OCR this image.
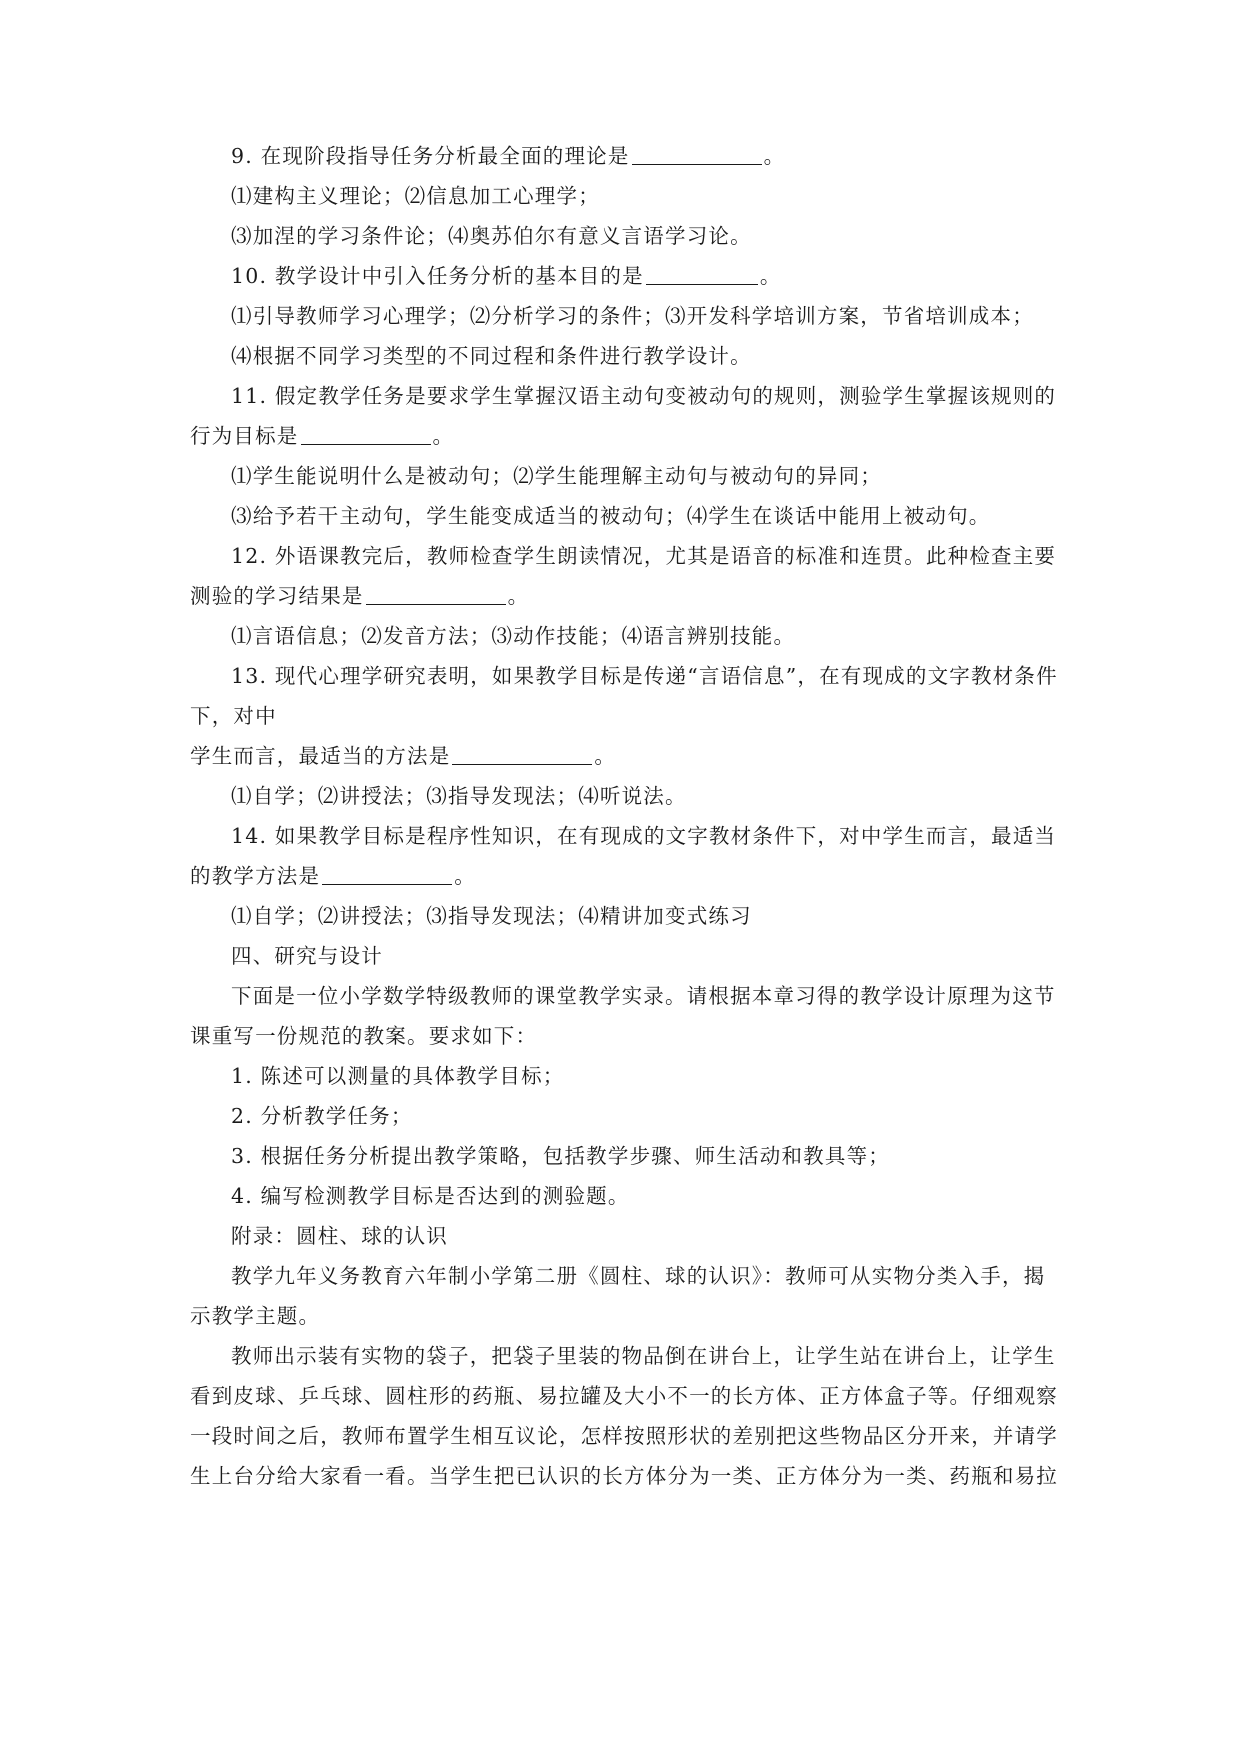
9. 在现阶段指导任务分析最全面的理论是	。
⑴建构主义理论；⑵信息加工心理学；
⑶加涅的学习条件论；⑷奥苏伯尔有意义言语学习论。
10. 教学设计中引入任务分析的基本目的是	。
⑴引导教师学习心理学；⑵分析学习的条件；⑶开发科学培训方案，节省培训成本；
⑷根据不同学习类型的不同过程和条件进行教学设计。
11. 假定教学任务是要求学生掌握汉语主动句变被动句的规则，测验学生掌握该规则的
行为目标是	。
⑴学生能说明什么是被动句；⑵学生能理解主动句与被动句的异同；
⑶给予若干主动句，学生能变成适当的被动句；⑷学生在谈话中能用上被动句。
12. 外语课教完后，教师检查学生朗读情况，尤其是语音的标准和连贯。此种检查主要
测验的学习结果是	。
⑴言语信息；⑵发音方法；⑶动作技能；⑷语言辨别技能。
13. 现代心理学研究表明，如果教学目标是传递“言语信息”，在有现成的文字教材条件
下，对中
学生而言，最适当的方法是	。
⑴自学；⑵讲授法；⑶指导发现法；⑷听说法。
14. 如果教学目标是程序性知识，在有现成的文字教材条件下，对中学生而言，最适当
的教学方法是	。
⑴自学；⑵讲授法；⑶指导发现法；⑷精讲加变式练习
四、研究与设计
下面是一位小学数学特级教师的课堂教学实录。请根据本章习得的教学设计原理为这节
课重写一份规范的教案。要求如下：
1. 陈述可以测量的具体教学目标；
2. 分析教学任务；
3. 根据任务分析提出教学策略，包括教学步骤、师生活动和教具等；
4. 编写检测教学目标是否达到的测验题。
附录：圆柱、球的认识
教学九年义务教育六年制小学第二册《圆柱、球的认识》：教师可从实物分类入手，揭
示教学主题。
教师出示装有实物的袋子，把袋子里装的物品倒在讲台上，让学生站在讲台上，让学生
看到皮球、乒乓球、圆柱形的药瓶、易拉罐及大小不一的长方体、正方体盒子等。仔细观察
一段时间之后，教师布置学生相互议论，怎样按照形状的差别把这些物品区分开来，并请学
生上台分给大家看一看。当学生把已认识的长方体分为一类、正方体分为一类、药瓶和易拉
